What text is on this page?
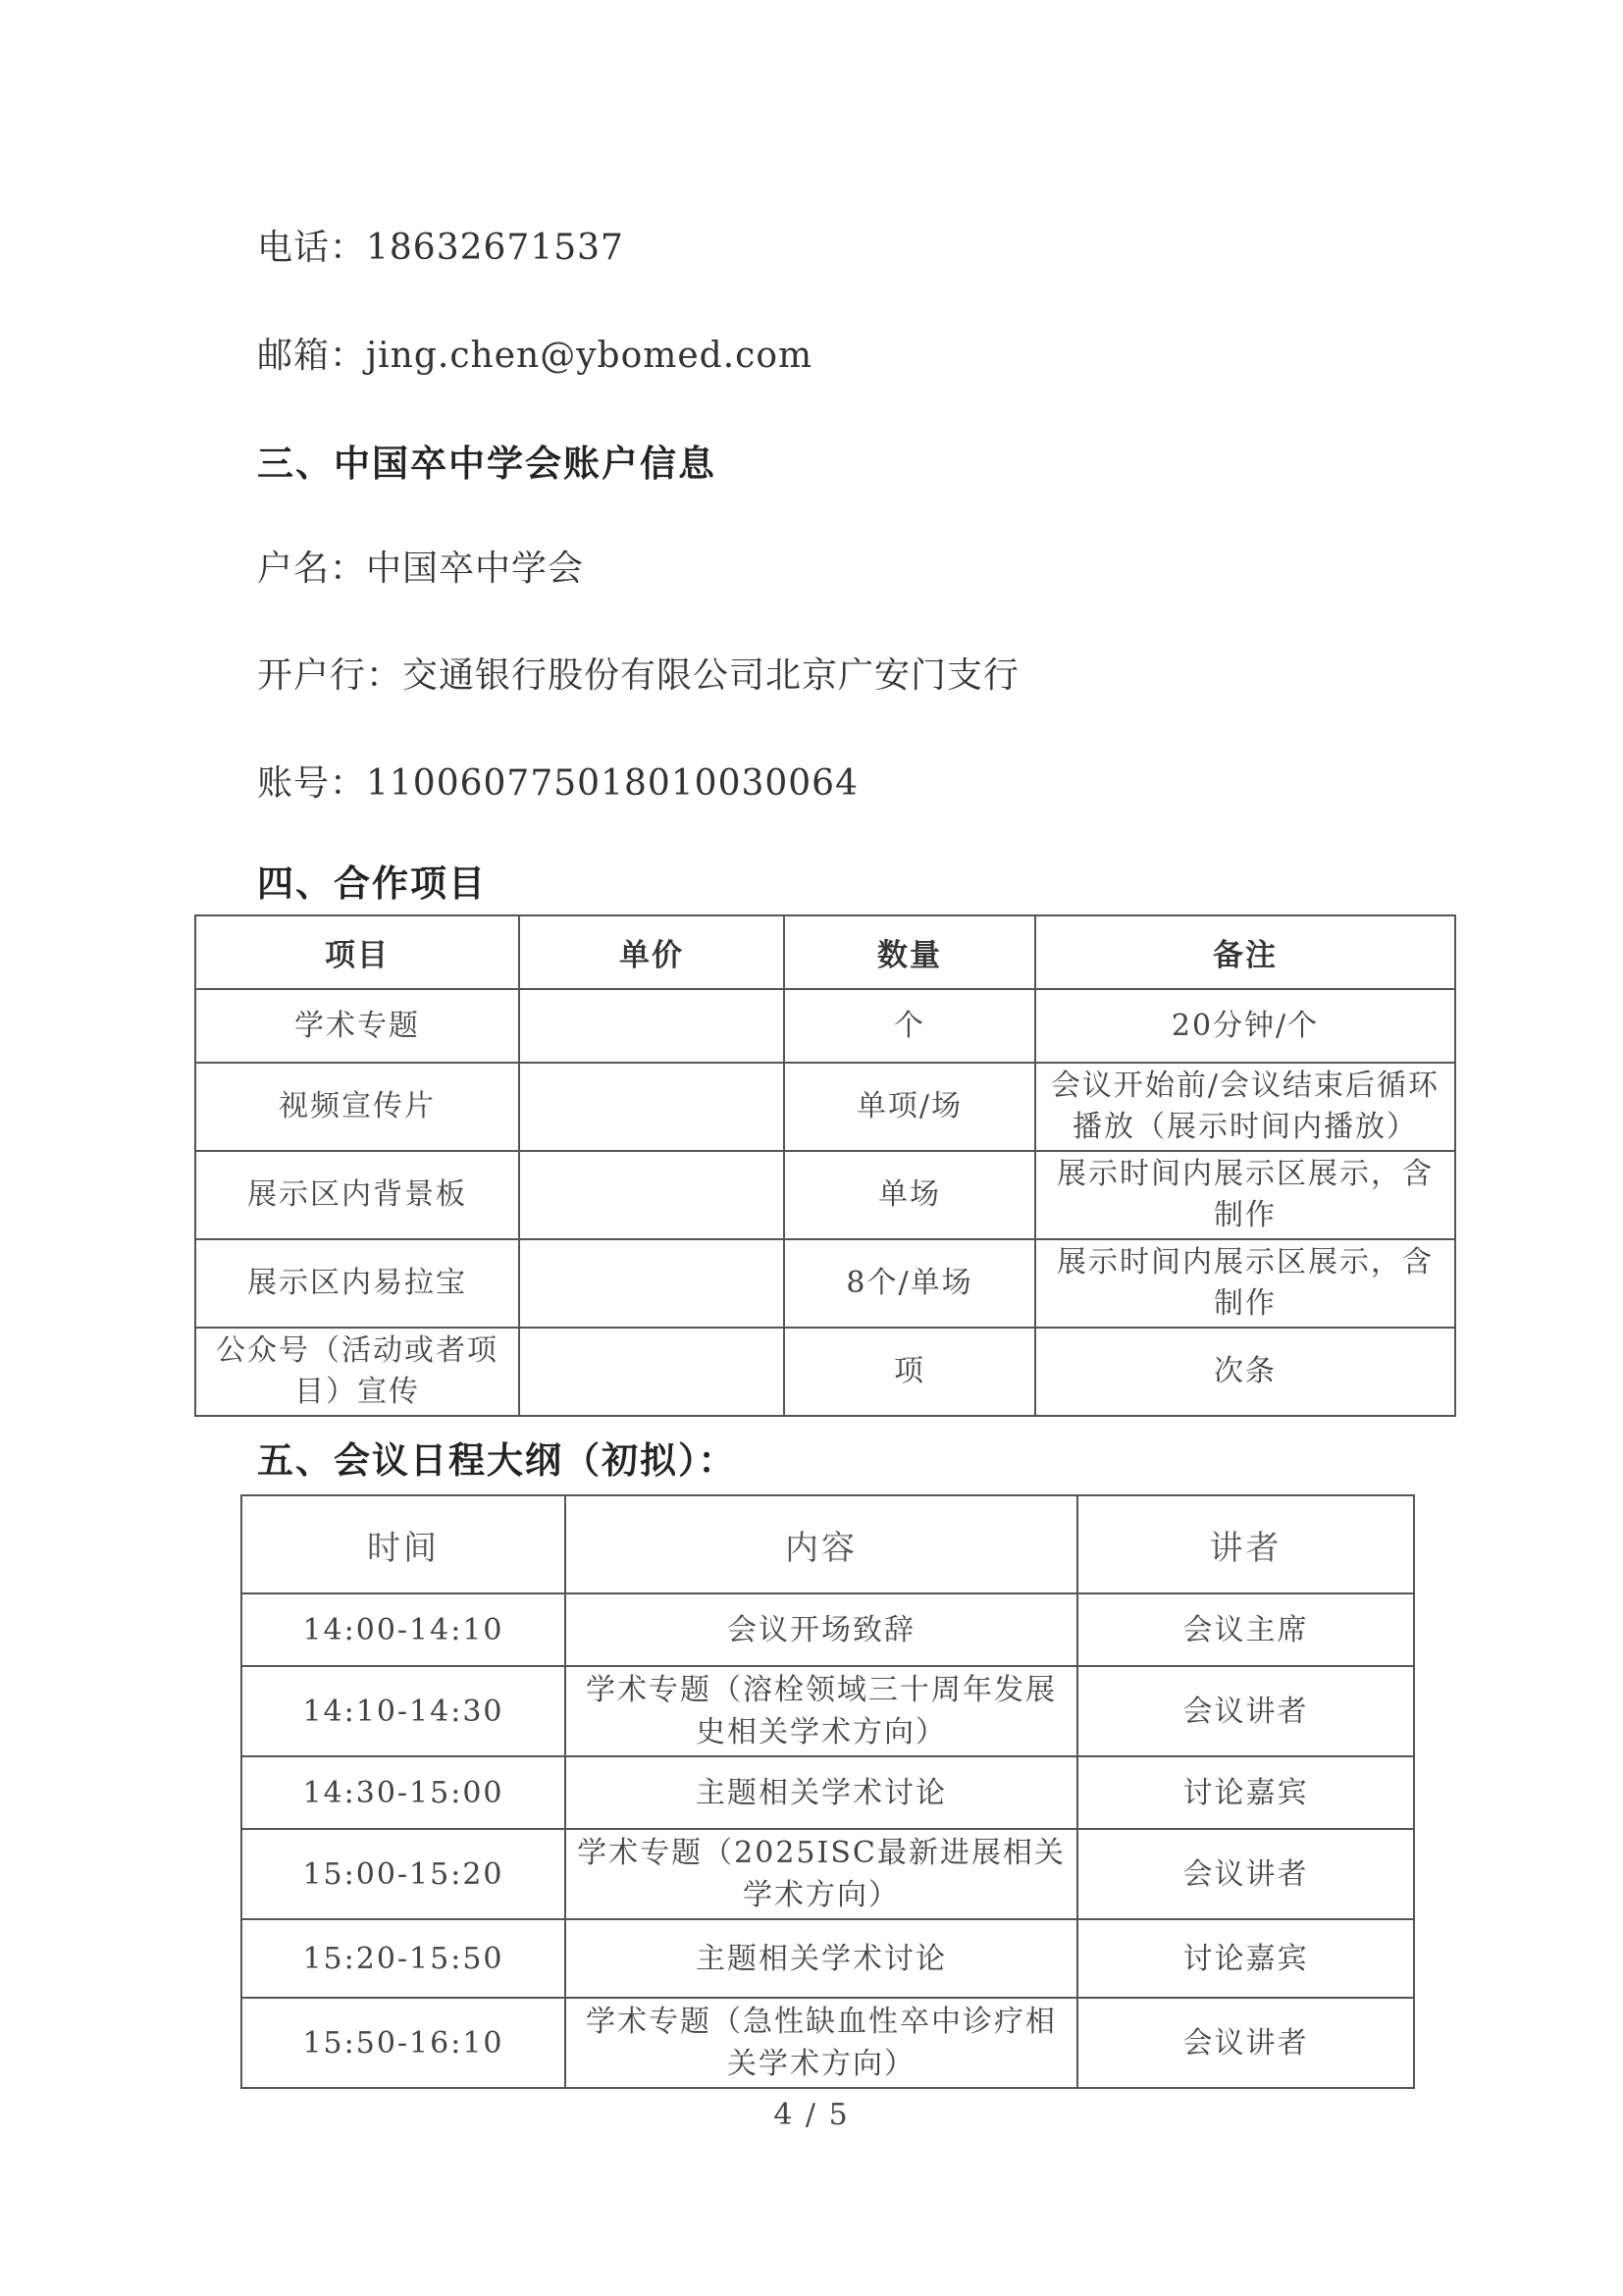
电话：18632671537
邮箱：jing.chen@ybomed.com
三、中国卒中学会账户信息
户名：中国卒中学会
开户行：交通银行股份有限公司北京广安门支行
账号：110060775018010030064
四、合作项目
项目	单价	数量	备注
学术专题		个	20分钟/个
视频宣传片		单项/场	会议开始前/会议结束后循环播放（展示时间内播放）
展示区内背景板		单场	展示时间内展示区展示，含制作
展示区内易拉宝		8个/单场	展示时间内展示区展示，含制作
公众号（活动或者项目）宣传		项	次条
五、会议日程大纲（初拟）：
时间	内容	讲者
14:00-14:10	会议开场致辞	会议主席
14:10-14:30	学术专题（溶栓领域三十周年发展史相关学术方向）	会议讲者
14:30-15:00	主题相关学术讨论	讨论嘉宾
15:00-15:20	学术专题（2025ISC最新进展相关学术方向）	会议讲者
15:20-15:50	主题相关学术讨论	讨论嘉宾
15:50-16:10	学术专题（急性缺血性卒中诊疗相关学术方向）	会议讲者
4 / 5
